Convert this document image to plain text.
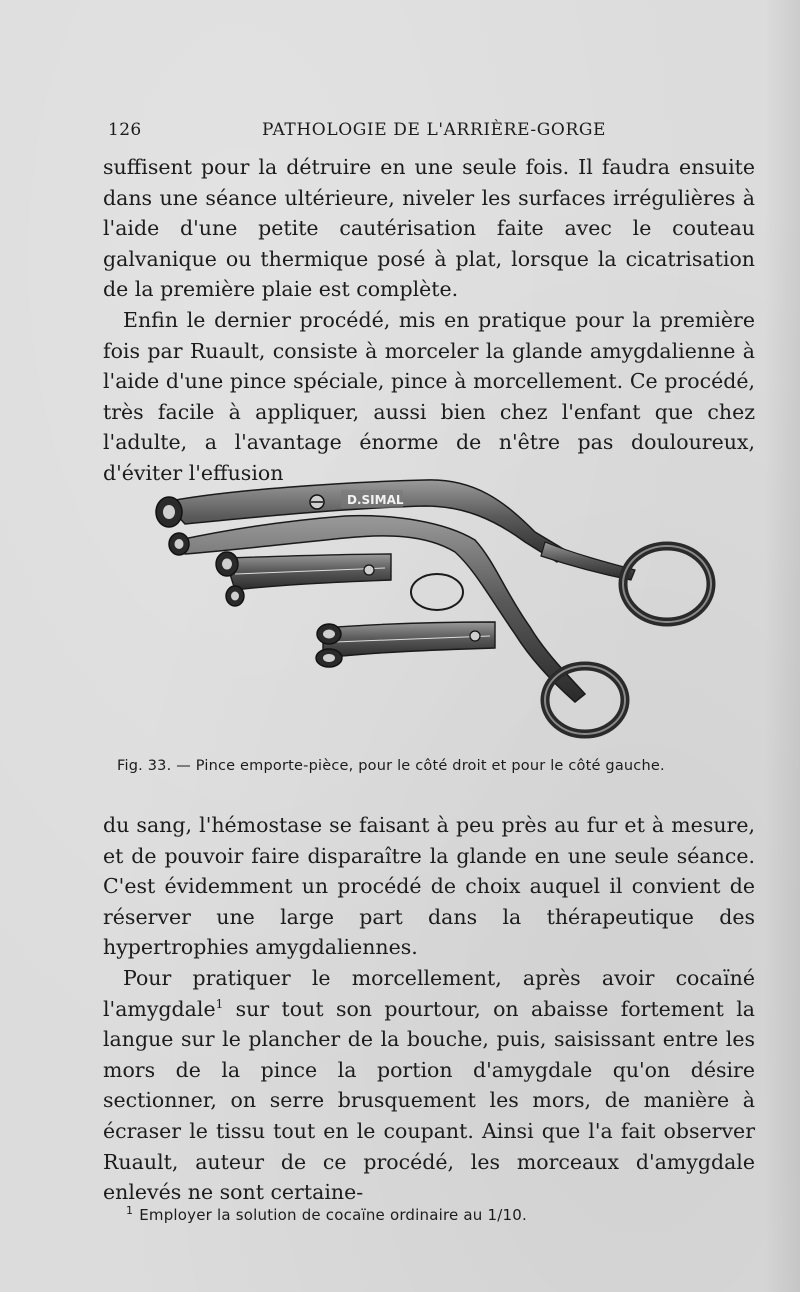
126	PATHOLOGIE DE L'ARRIÈRE-GORGE

suffisent pour la détruire en une seule fois. Il faudra ensuite dans une séance ultérieure, niveler les surfaces irrégulières à l'aide d'une petite cautérisation faite avec le couteau galvanique ou thermique posé à plat, lorsque la cicatrisation de la première plaie est complète.

Enfin le dernier procédé, mis en pratique pour la première fois par Ruault, consiste à morceler la glande amygdalienne à l'aide d'une pince spéciale, pince à morcellement. Ce procédé, très facile à appliquer, aussi bien chez l'enfant que chez l'adulte, a l'avantage énorme de n'être pas douloureux, d'éviter l'effusion

D.SIMAL
Fig. 33. — Pince emporte-pièce, pour le côté droit et pour le côté gauche.

du sang, l'hémostase se faisant à peu près au fur et à mesure, et de pouvoir faire disparaître la glande en une seule séance. C'est évidemment un procédé de choix auquel il convient de réserver une large part dans la thérapeutique des hypertrophies amygdaliennes.

Pour pratiquer le morcellement, après avoir cocaïné l'amygdale$^1$ sur tout son pourtour, on abaisse fortement la langue sur le plancher de la bouche, puis, saisissant entre les mors de la pince la portion d'amygdale qu'on désire sectionner, on serre brusquement les mors, de manière à écraser le tissu tout en le coupant. Ainsi que l'a fait observer Ruault, auteur de ce procédé, les morceaux d'amygdale enlevés ne sont certaine-

$^1$ Employer la solution de cocaïne ordinaire au 1/10.
